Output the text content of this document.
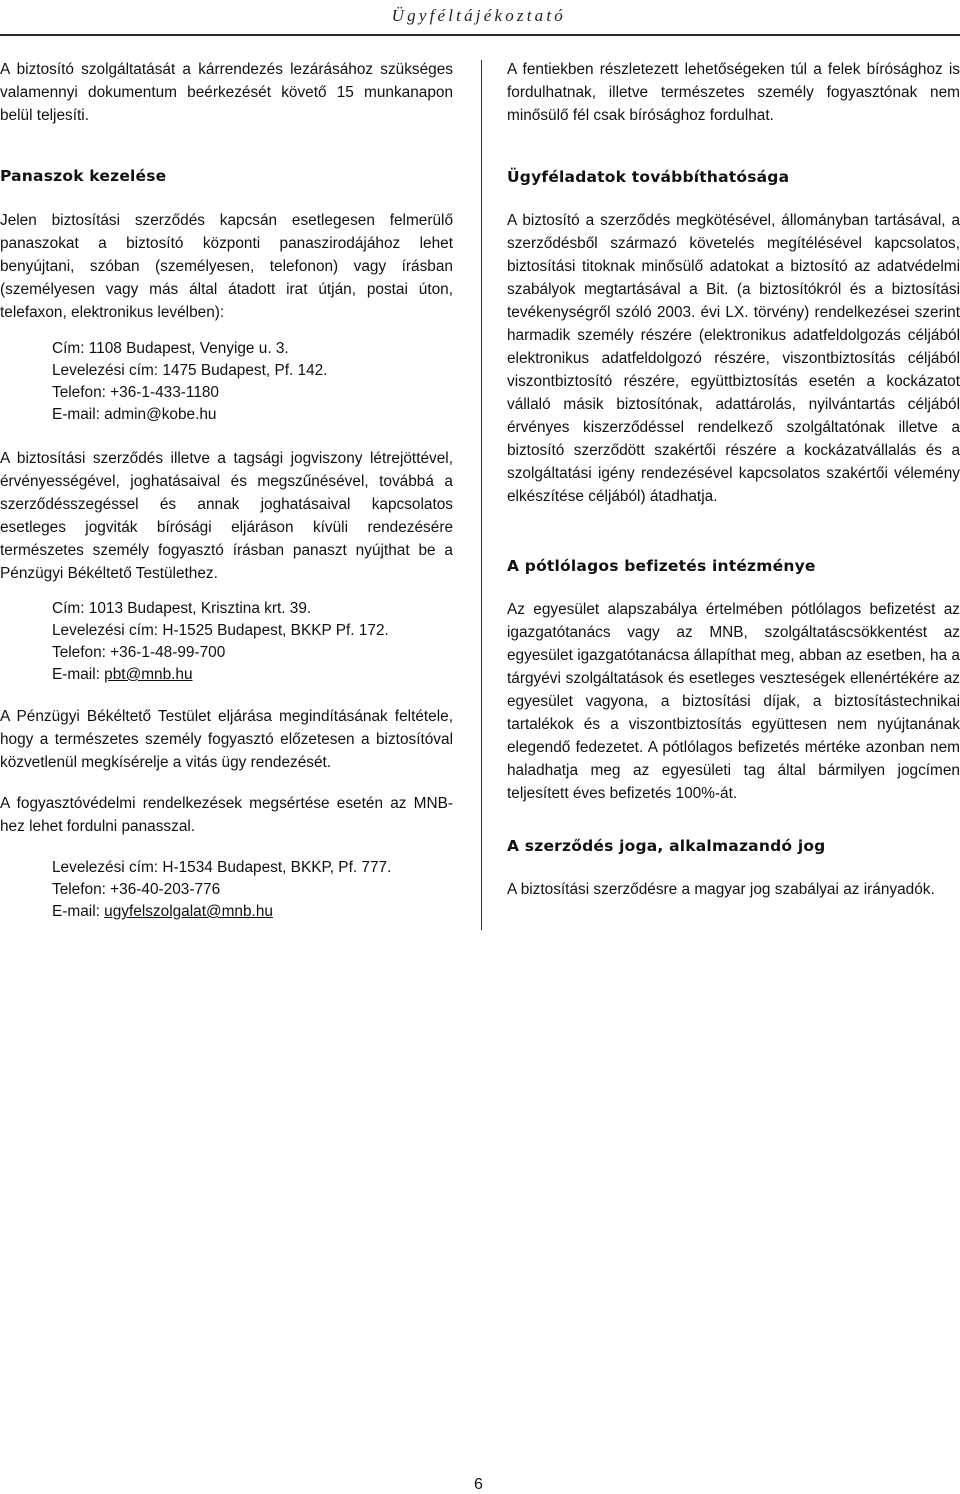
Ügyféltájékoztató

A biztosító szolgáltatását a kárrendezés lezárásához szükséges valamennyi dokumentum beérkezését követő 15 munkanapon belül teljesíti.

Panaszok kezelése

Jelen biztosítási szerződés kapcsán esetlegesen felmerülő panaszokat a biztosító központi panaszirodájához lehet benyújtani, szóban (személyesen, telefonon) vagy írásban (személyesen vagy más által átadott irat útján, postai úton, telefaxon, elektronikus levélben):

Cím: 1108 Budapest, Venyige u. 3.

Levelezési cím: 1475 Budapest, Pf. 142.

Telefon: +36-1-433-1180

E-mail: admin@kobe.hu

A biztosítási szerződés illetve a tagsági jogviszony létrejöttével, érvényességével, joghatásaival és megszűnésével, továbbá a szerződésszegéssel és annak joghatásaival kapcsolatos esetleges jogviták bírósági eljáráson kívüli rendezésére természetes személy fogyasztó írásban panaszt nyújthat be a Pénzügyi Békéltető Testülethez.

Cím: 1013 Budapest, Krisztina krt. 39.

Levelezési cím: H-1525 Budapest, BKKP Pf. 172.

Telefon: +36-1-48-99-700

E-mail: pbt@mnb.hu

A Pénzügyi Békéltető Testület eljárása megindításának feltétele, hogy a természetes személy fogyasztó előzetesen a biztosítóval közvetlenül megkísérelje a vitás ügy rendezését.

A fogyasztóvédelmi rendelkezések megsértése esetén az MNB-hez lehet fordulni panasszal.

Levelezési cím: H-1534 Budapest, BKKP, Pf. 777.

Telefon: +36-40-203-776

E-mail: ugyfelszolgalat@mnb.hu

A fentiekben részletezett lehetőségeken túl a felek bírósághoz is fordulhatnak, illetve természetes személy fogyasztónak nem minősülő fél csak bírósághoz fordulhat.

Ügyféladatok továbbíthatósága

A biztosító a szerződés megkötésével, állományban tartásával, a szerződésből származó követelés megítélésével kapcsolatos, biztosítási titoknak minősülő adatokat a biztosító az adatvédelmi szabályok megtartásával a Bit. (a biztosítókról és a biztosítási tevékenységről szóló 2003. évi LX. törvény) rendelkezései szerint harmadik személy részére (elektronikus adatfeldolgozás céljából elektronikus adatfeldolgozó részére, viszontbiztosítás céljából viszontbiztosító részére, együttbiztosítás esetén a kockázatot vállaló másik biztosítónak, adattárolás, nyilvántartás céljából érvényes kiszerződéssel rendelkező szolgáltatónak illetve a biztosító szerződött szakértői részére a kockázatvállalás és a szolgáltatási igény rendezésével kapcsolatos szakértői vélemény elkészítése céljából) átadhatja.

A pótlólagos befizetés intézménye

Az egyesület alapszabálya értelmében pótlólagos befizetést az igazgatótanács vagy az MNB, szolgáltatáscsökkentést az egyesület igazgatótanácsa állapíthat meg, abban az esetben, ha a tárgyévi szolgáltatások és esetleges veszteségek ellenértékére az egyesület vagyona, a biztosítási díjak, a biztosítástechnikai tartalékok és a viszontbiztosítás együttesen nem nyújtanának elegendő fedezetet. A pótlólagos befizetés mértéke azonban nem haladhatja meg az egyesületi tag által bármilyen jogcímen teljesített éves befizetés 100%-át.

A szerződés joga, alkalmazandó jog

A biztosítási szerződésre a magyar jog szabályai az irányadók.

6
